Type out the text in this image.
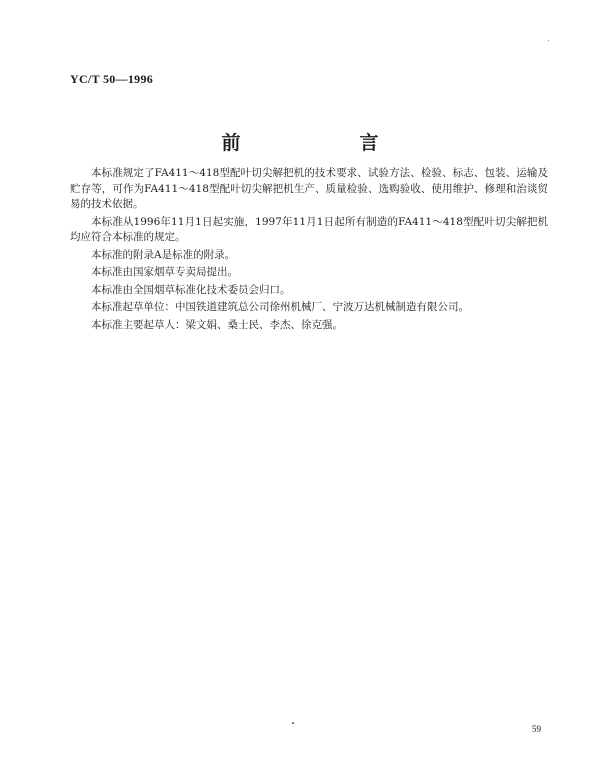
YC/T 50—1996
前　言

本标准规定了FA411～418型配叶切尖解把机的技术要求、试验方法、检验、标志、包装、运输及贮存等，可作为FA411～418型配叶切尖解把机生产、质量检验、选购验收、使用维护、修理和治谈贸易的技术依据。

本标准从1996年11月1日起实施，1997年11月1日起所有制造的FA411～418型配叶切尖解把机均应符合本标准的规定。

本标准的附录A是标准的附录。

本标准由国家烟草专卖局提出。

本标准由全国烟草标准化技术委员会归口。

本标准起草单位：中国铁道建筑总公司徐州机械厂、宁波万达机械制造有限公司。

本标准主要起草人：梁文娟、桑士民、李杰、徐克强。

59
